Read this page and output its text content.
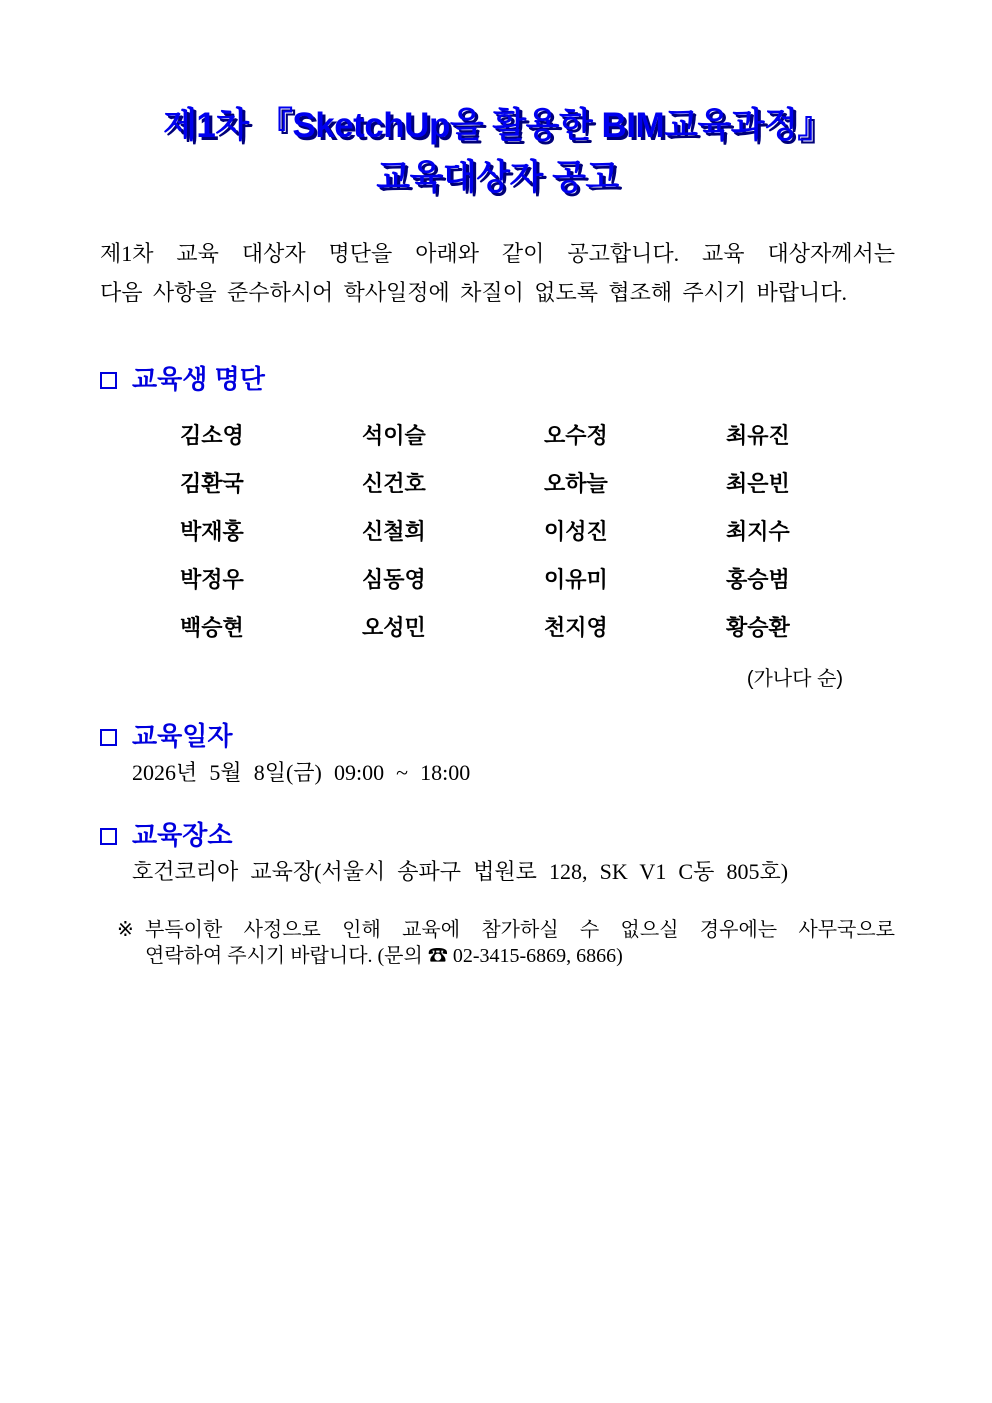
제1차 『SketchUp을 활용한 BIM교육과정』
교육대상자 공고
제1차 교육 대상자 명단을 아래와 같이 공고합니다. 교육 대상자께서는
다음 사항을 준수하시어 학사일정에 차질이 없도록 협조해 주시기 바랍니다.
교육생 명단
김소영	석이슬	오수정	최유진
김환국	신건호	오하늘	최은빈
박재홍	신철희	이성진	최지수
박정우	심동영	이유미	홍승범
백승현	오성민	천지영	황승환
(가나다 순)
교육일자
2026년 5월 8일(금) 09:00 ~ 18:00
교육장소
호건코리아 교육장(서울시 송파구 법원로 128, SK V1 C동 805호)
※ 부득이한 사정으로 인해 교육에 참가하실 수 없으실 경우에는 사무국으로
연락하여 주시기 바랍니다. (문의 ☎ 02-3415-6869, 6866)
